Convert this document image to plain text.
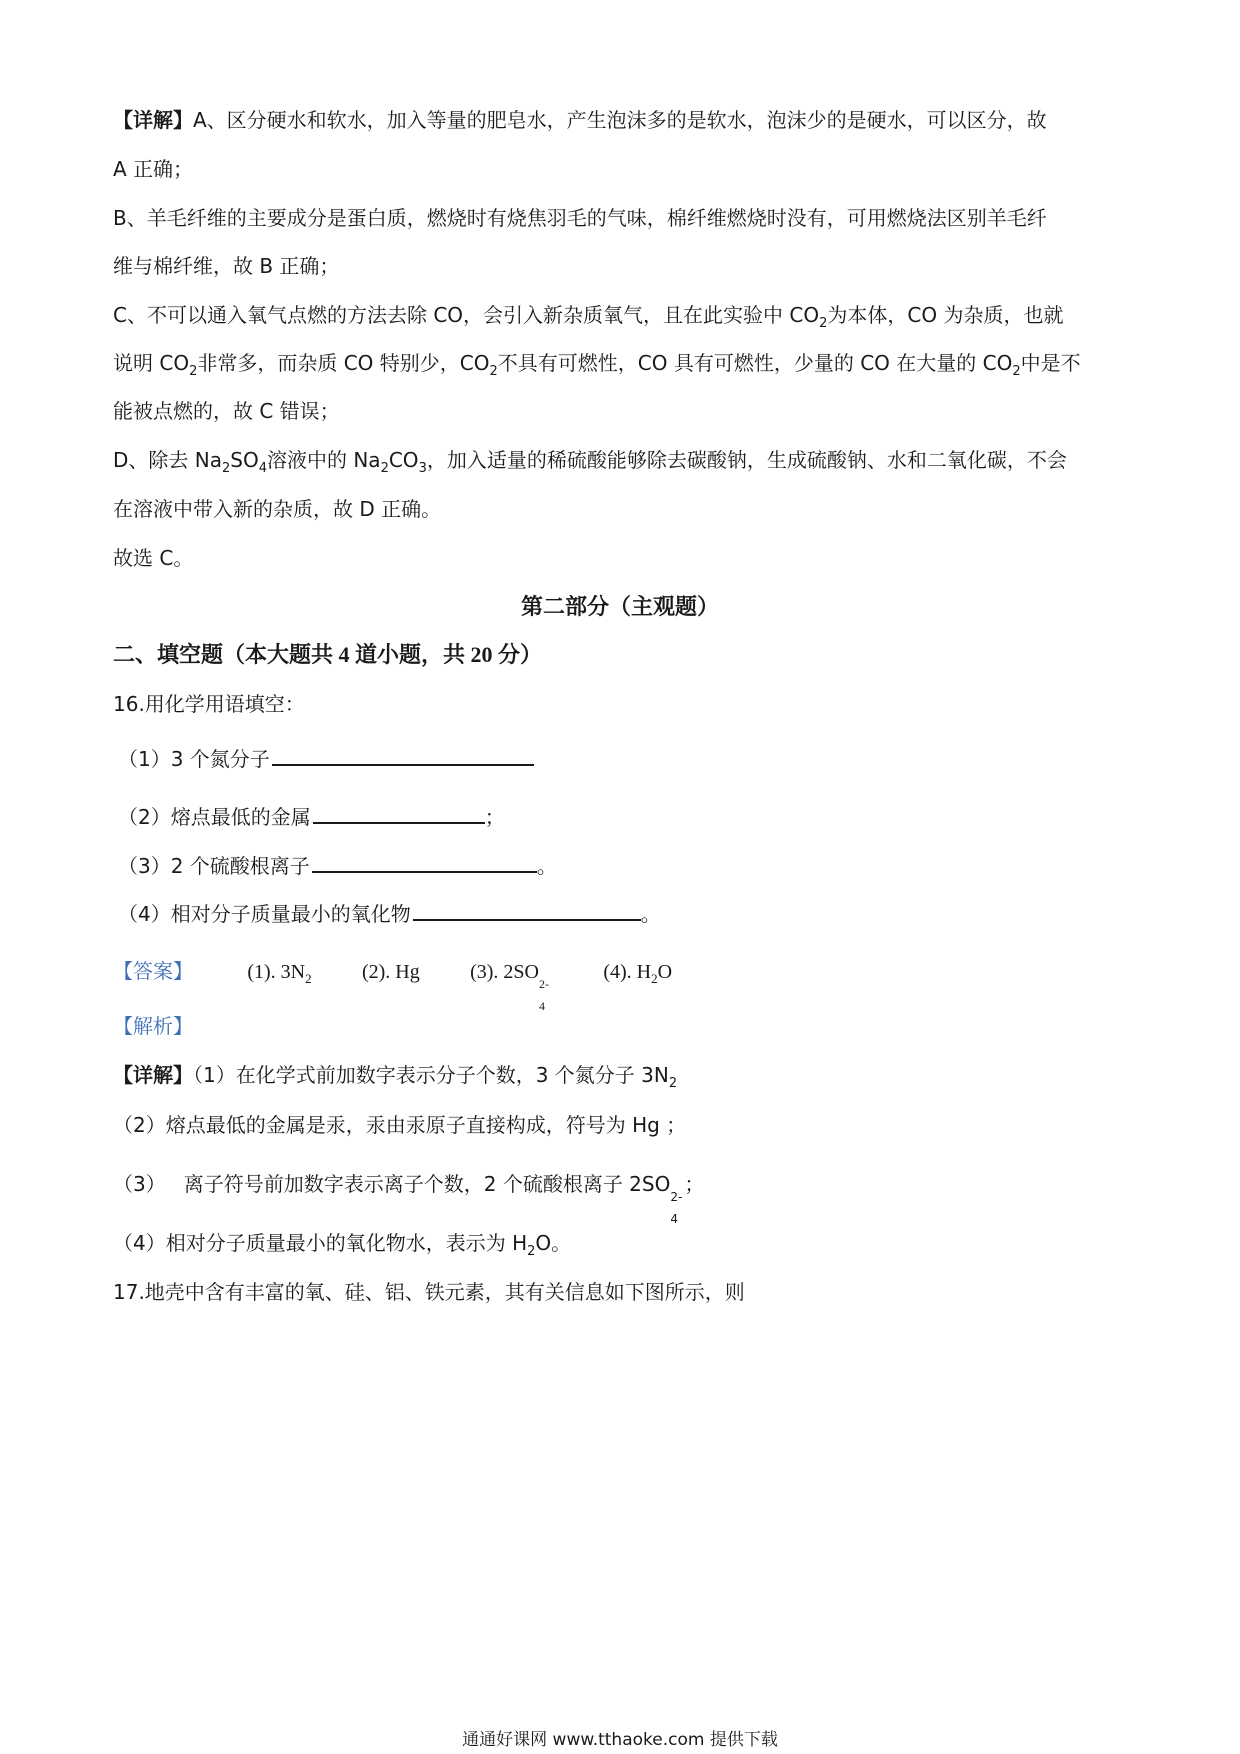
【详解】A、区分硬水和软水，加入等量的肥皂水，产生泡沫多的是软水，泡沫少的是硬水，可以区分，故
A 正确；
B、羊毛纤维的主要成分是蛋白质，燃烧时有烧焦羽毛的气味，棉纤维燃烧时没有，可用燃烧法区别羊毛纤
维与棉纤维，故 B 正确；
C、不可以通入氧气点燃的方法去除 CO，会引入新杂质氧气，且在此实验中 $CO_2$为本体，CO 为杂质，也就
说明 $CO_2$非常多，而杂质 CO 特别少，$CO_2$不具有可燃性，CO 具有可燃性，少量的 CO 在大量的 $CO_2$中是不
能被点燃的，故 C 错误；
D、除去 $Na_2SO_4$溶液中的 $Na_2CO_3$，加入适量的稀硫酸能够除去碳酸钠，生成硫酸钠、水和二氧化碳，不会
在溶液中带入新的杂质，故 D 正确。
故选 C。
第二部分（主观题）
二、填空题（本大题共 4 道小题，共 20 分）
16.用化学用语填空：
（1）3 个氮分子
（2）熔点最低的金属	；
（3）2 个硫酸根离子	。
（4）相对分子质量最小的氧化物	。
【答案】	(1). $3N_2$	(2). Hg	(3). 2SO
2-
4
(4). $H_2O$
【解析】
【详解】（1）在化学式前加数字表示分子个数，3 个氮分子 $3N_2$
（2）熔点最低的金属是汞，汞由汞原子直接构成，符号为 Hg ；
（3） 离子符号前加数字表示离子个数，2 个硫酸根离子 2SO
2-
4
；
（4）相对分子质量最小的氧化物水，表示为 $H_2O$。
17.地壳中含有丰富的氧、硅、铝、铁元素，其有关信息如下图所示，则
通通好课网 www.tthaoke.com 提供下载
